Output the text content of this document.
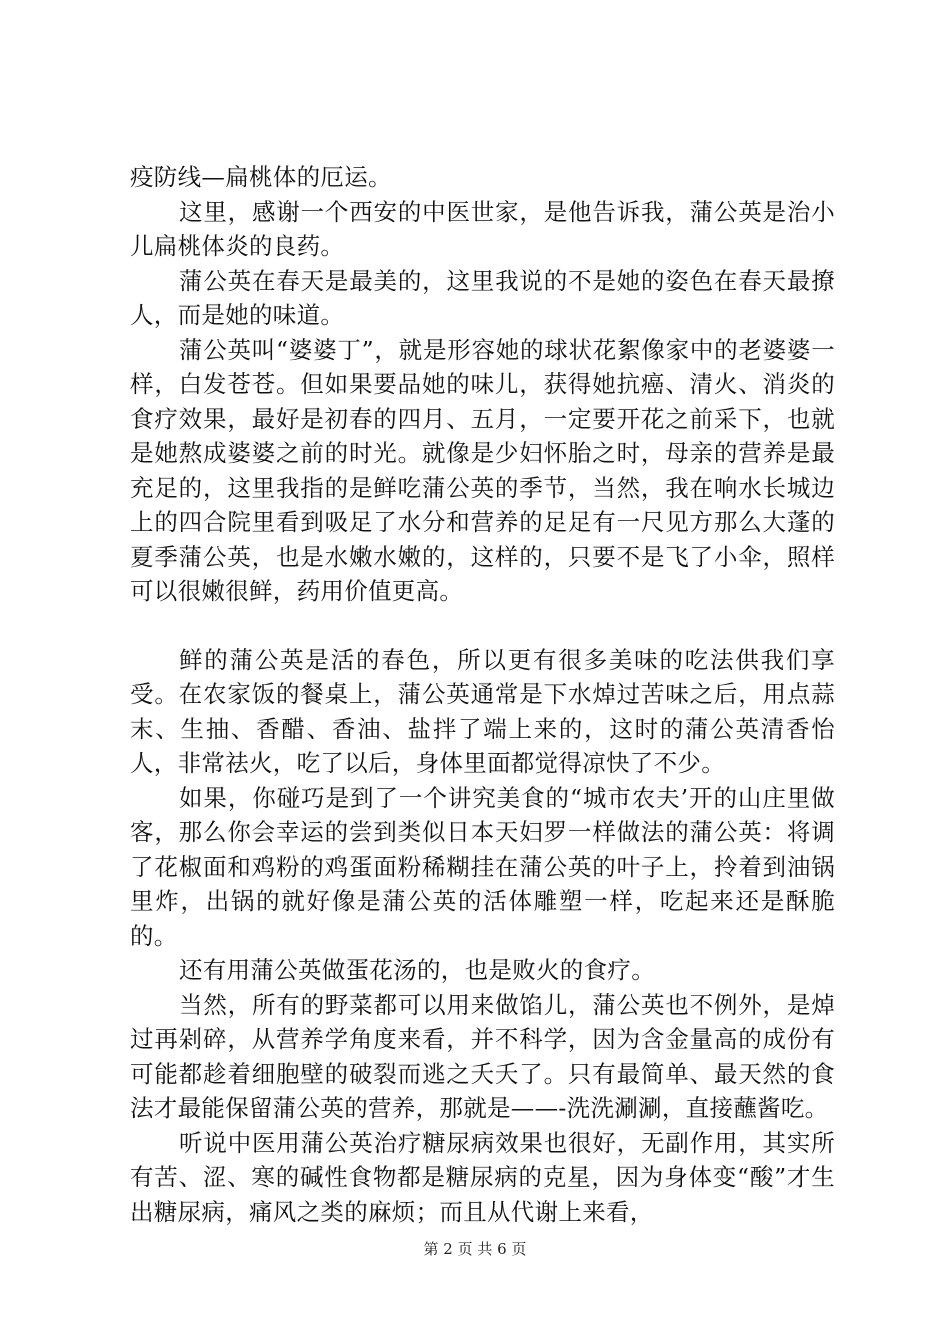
疫防线—扁桃体的厄运。

这里，感谢一个西安的中医世家，是他告诉我，蒲公英是治小儿扁桃体炎的良药。

蒲公英在春天是最美的，这里我说的不是她的姿色在春天最撩人，而是她的味道。

蒲公英叫“婆婆丁”，就是形容她的球状花絮像家中的老婆婆一样，白发苍苍。但如果要品她的味儿，获得她抗癌、清火、消炎的食疗效果，最好是初春的四月、五月，一定要开花之前采下，也就是她熬成婆婆之前的时光。就像是少妇怀胎之时，母亲的营养是最充足的，这里我指的是鲜吃蒲公英的季节，当然，我在响水长城边上的四合院里看到吸足了水分和营养的足足有一尺见方那么大蓬的夏季蒲公英，也是水嫩水嫩的，这样的，只要不是飞了小伞，照样可以很嫩很鲜，药用价值更高。

鲜的蒲公英是活的春色，所以更有很多美味的吃法供我们享受。在农家饭的餐桌上，蒲公英通常是下水焯过苦味之后，用点蒜末、生抽、香醋、香油、盐拌了端上来的，这时的蒲公英清香怡人，非常祛火，吃了以后，身体里面都觉得凉快了不少。

如果，你碰巧是到了一个讲究美食的“城市农夫’开的山庄里做客，那么你会幸运的尝到类似日本天妇罗一样做法的蒲公英：将调了花椒面和鸡粉的鸡蛋面粉稀糊挂在蒲公英的叶子上，拎着到油锅里炸，出锅的就好像是蒲公英的活体雕塑一样，吃起来还是酥脆的。

还有用蒲公英做蛋花汤的，也是败火的食疗。

当然，所有的野菜都可以用来做馅儿，蒲公英也不例外，是焯过再剁碎，从营养学角度来看，并不科学，因为含金量高的成份有可能都趁着细胞壁的破裂而逃之夭夭了。只有最简单、最天然的食法才最能保留蒲公英的营养，那就是——-洗洗涮涮，直接蘸酱吃。

听说中医用蒲公英治疗糖尿病效果也很好，无副作用，其实所有苦、涩、寒的碱性食物都是糖尿病的克星，因为身体变“酸”才生出糖尿病，痛风之类的麻烦；而且从代谢上来看，

第 2 页 共 6 页
